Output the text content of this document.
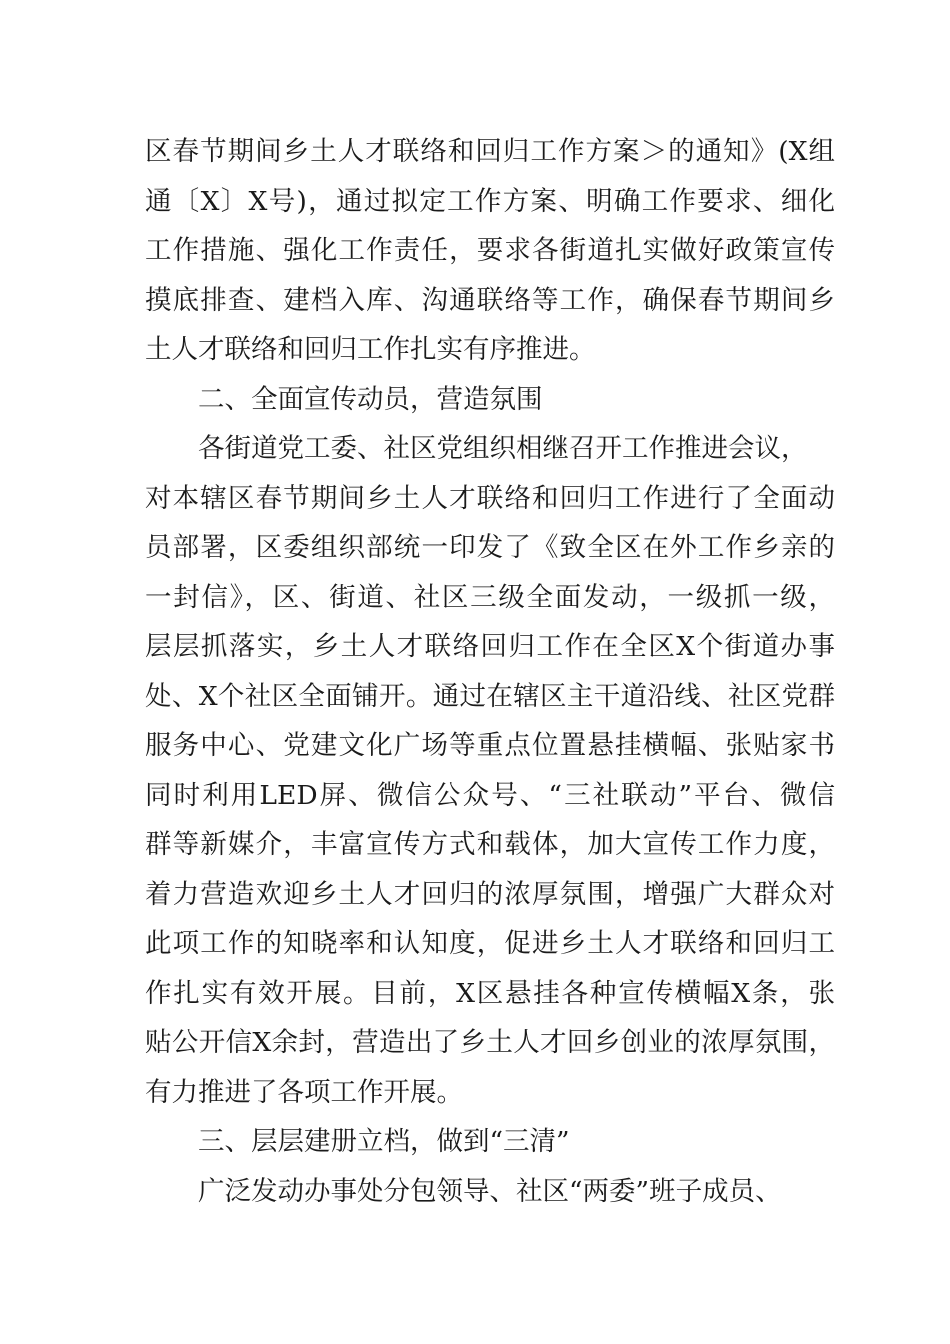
区春节期间乡土人才联络和回归工作方案＞的通知》(X组
通〔X〕X号)，通过拟定工作方案、明确工作要求、细化
工作措施、强化工作责任，要求各街道扎实做好政策宣传
摸底排查、建档入库、沟通联络等工作，确保春节期间乡
土人才联络和回归工作扎实有序推进。
二、全面宣传动员，营造氛围
各街道党工委、社区党组织相继召开工作推进会议，
对本辖区春节期间乡土人才联络和回归工作进行了全面动
员部署，区委组织部统一印发了《致全区在外工作乡亲的
一封信》，区、街道、社区三级全面发动，一级抓一级，
层层抓落实，乡土人才联络回归工作在全区X个街道办事
处、X个社区全面铺开。通过在辖区主干道沿线、社区党群
服务中心、党建文化广场等重点位置悬挂横幅、张贴家书
同时利用LED屏、微信公众号、“三社联动”平台、微信
群等新媒介，丰富宣传方式和载体，加大宣传工作力度，
着力营造欢迎乡土人才回归的浓厚氛围，增强广大群众对
此项工作的知晓率和认知度，促进乡土人才联络和回归工
作扎实有效开展。目前，X区悬挂各种宣传横幅X条，张
贴公开信X余封，营造出了乡土人才回乡创业的浓厚氛围，
有力推进了各项工作开展。
三、层层建册立档，做到“三清”
广泛发动办事处分包领导、社区“两委”班子成员、
